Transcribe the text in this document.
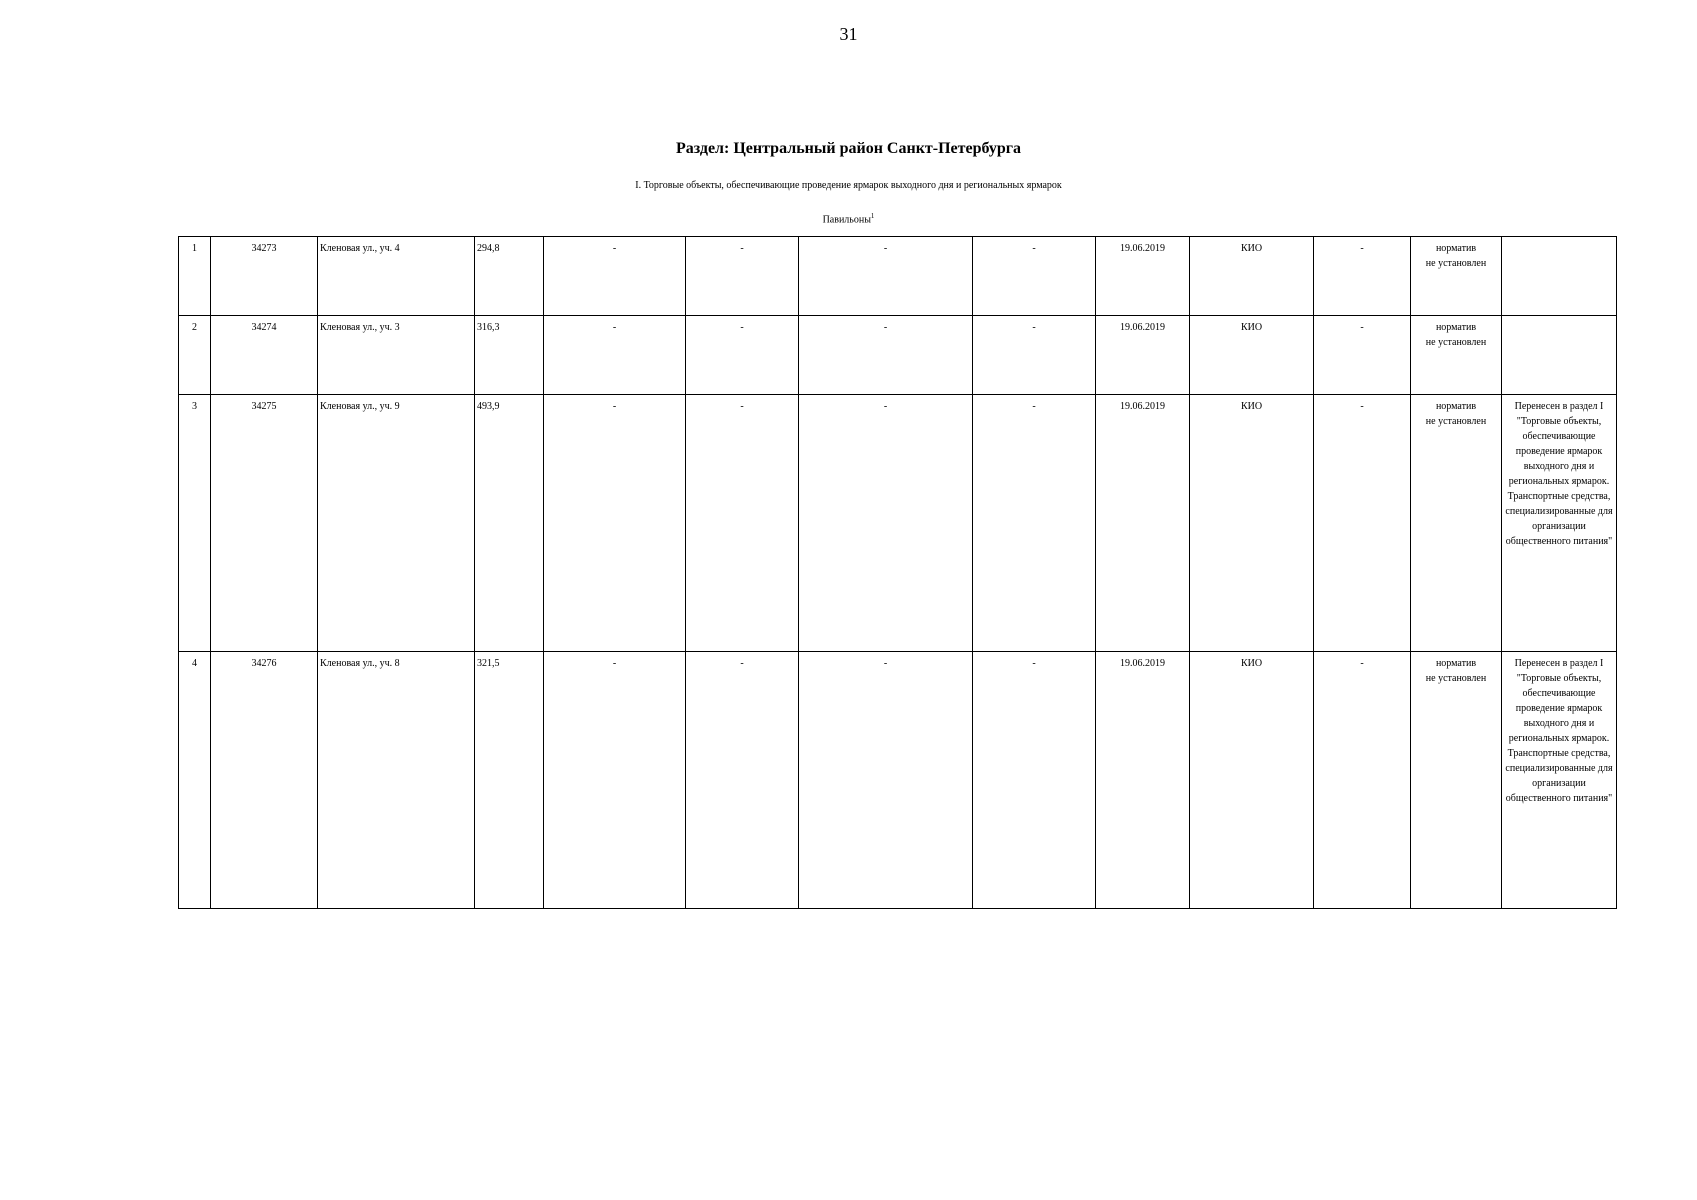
31
Раздел: Центральный район Санкт-Петербурга
I. Торговые объекты, обеспечивающие проведение ярмарок выходного дня и региональных ярмарок
Павильоны$^1$
1	34273	Кленовая ул., уч. 4	294,8	-	-	-	-	19.06.2019	КИО	-	норматив
не установлен	

2	34274	Кленовая ул., уч. 3	316,3	-	-	-	-	19.06.2019	КИО	-	норматив
не установлен	

3	34275	Кленовая ул., уч. 9	493,9	-	-	-	-	19.06.2019	КИО	-	норматив
не установлен	Перенесен в раздел I "Торговые объекты, обеспечивающие проведение ярмарок выходного дня и региональных ярмарок. Транспортные средства, специализированные для организации общественного питания"
4	34276	Кленовая ул., уч. 8	321,5	-	-	-	-	19.06.2019	КИО	-	норматив
не установлен	Перенесен в раздел I "Торговые объекты, обеспечивающие проведение ярмарок выходного дня и региональных ярмарок. Транспортные средства, специализированные для организации общественного питания"
